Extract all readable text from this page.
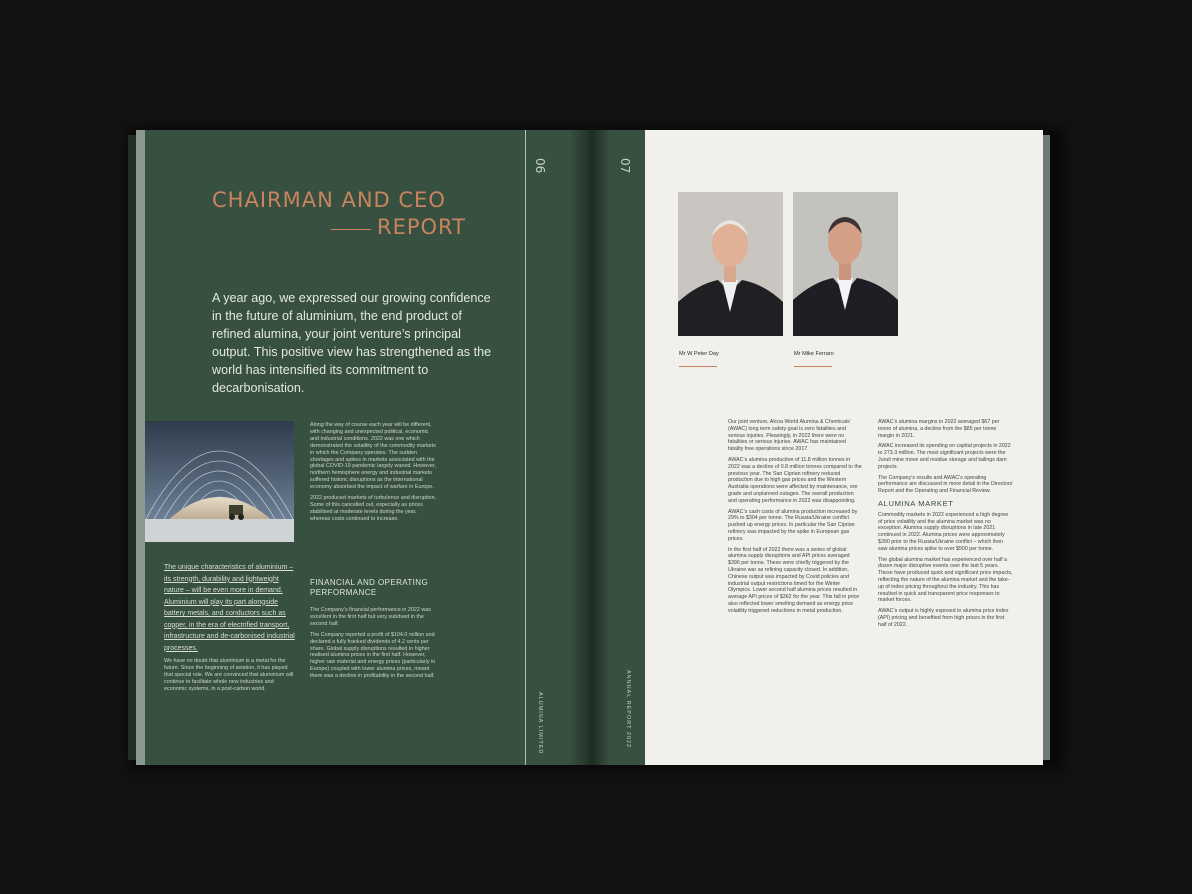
CHAIRMAN AND CEO
REPORT
A year ago, we expressed our growing confidence in the future of aluminium, the end product of refined alumina, your joint venture’s principal output. This positive view has strengthened as the world has intensified its commitment to decarbonisation.

Along the way of course each year will be different, with changing and unexpected political, economic and industrial conditions. 2022 was one which demonstrated the volatility of the commodity markets in which the Company operates. The sudden shortages and spikes in markets associated with the global COVID-19 pandemic largely waned. However, northern hemisphere energy and industrial markets suffered historic disruptions as the international economy absorbed the impact of warfare in Europe.

2022 produced markets of turbulence and disruption. Some of this cancelled out, especially as prices stabilised at moderate levels during the year, whereas costs continued to increase.

FINANCIAL AND OPERATING PERFORMANCE

The Company’s financial performance in 2022 was excellent in the first half but very subdued in the second half.

The Company reported a profit of $104.0 million and declared a fully franked dividends of 4.2 cents per share. Global supply disruptions resulted in higher realised alumina prices in the first half. However, higher raw material and energy prices (particularly in Europe) coupled with lower alumina prices, meant there was a decline in profitability in the second half.

The unique characteristics of aluminium – its strength, durability and lightweight nature – will be even more in demand. Aluminium will play its part alongside battery metals, and conductors such as copper, in the era of electrified transport, infrastructure and de-carbonised industrial processes.

We have no doubt that aluminium is a metal for the future. Since the beginning of aviation, it has played that special role. We are convinced that aluminium will continue to facilitate whole new industries and economic systems, in a post-carbon world.

06
ALUMINA LIMITED
07
ANNUAL REPORT 2022
Mr W Peter Day	Mr Mike Ferraro

Our joint venture, Alcoa World Alumina & Chemicals’ (AWAC) long term safety goal is zero fatalities and serious injuries. Pleasingly, in 2022 there were no fatalities or serious injuries. AWAC has maintained fatality free operations since 2017.

AWAC’s alumina production of 11.8 million tonnes in 2022 was a decline of 0.8 million tonnes compared to the previous year. The San Ciprian refinery reduced production due to high gas prices and the Western Australia operations were affected by maintenance, ore grade and unplanned outages. The overall production and operating performance in 2022 was disappointing.

AWAC’s cash costs of alumina production increased by 29% to $304 per tonne. The Russia/Ukraine conflict pushed up energy prices. In particular the San Ciprian refinery was impacted by the spike in European gas prices.

In the first half of 2022 there was a series of global alumina supply disruptions and API prices averaged $396 per tonne. These were chiefly triggered by the Ukraine war as refining capacity closed. In addition, Chinese output was impacted by Covid policies and industrial output restrictions timed for the Winter Olympics. Lower second half alumina prices resulted in average API prices of $362 for the year. This fall in price also reflected lower smelting demand as energy price volatility triggered reductions in metal production.

AWAC’s alumina margins in 2022 averaged $67 per tonne of alumina, a decline from the $85 per tonne margin in 2021.

AWAC increased its spending on capital projects in 2022 to 273.3 million. The most significant projects were the Juruti mine move and residue storage and tailings dam projects.

The Company’s results and AWAC’s operating performance are discussed in more detail in the Directors’ Report and the Operating and Financial Review.

ALUMINA MARKET

Commodity markets in 2022 experienced a high degree of price volatility and the alumina market was no exception. Alumina supply disruptions in late 2021 continued in 2022. Alumina prices were approximately $390 prior to the Russia/Ukraine conflict – which then saw alumina prices spike to over $500 per tonne.

The global alumina market has experienced over half a dozen major disruptive events over the last 5 years. These have produced quick and significant price impacts, reflecting the nature of the alumina market and the take-up of index pricing throughout the industry. This has resulted in quick and transparent price responses to market forces.

AWAC’s output is highly exposed to alumina price index (API) pricing and benefited from high prices in the first half of 2022.
